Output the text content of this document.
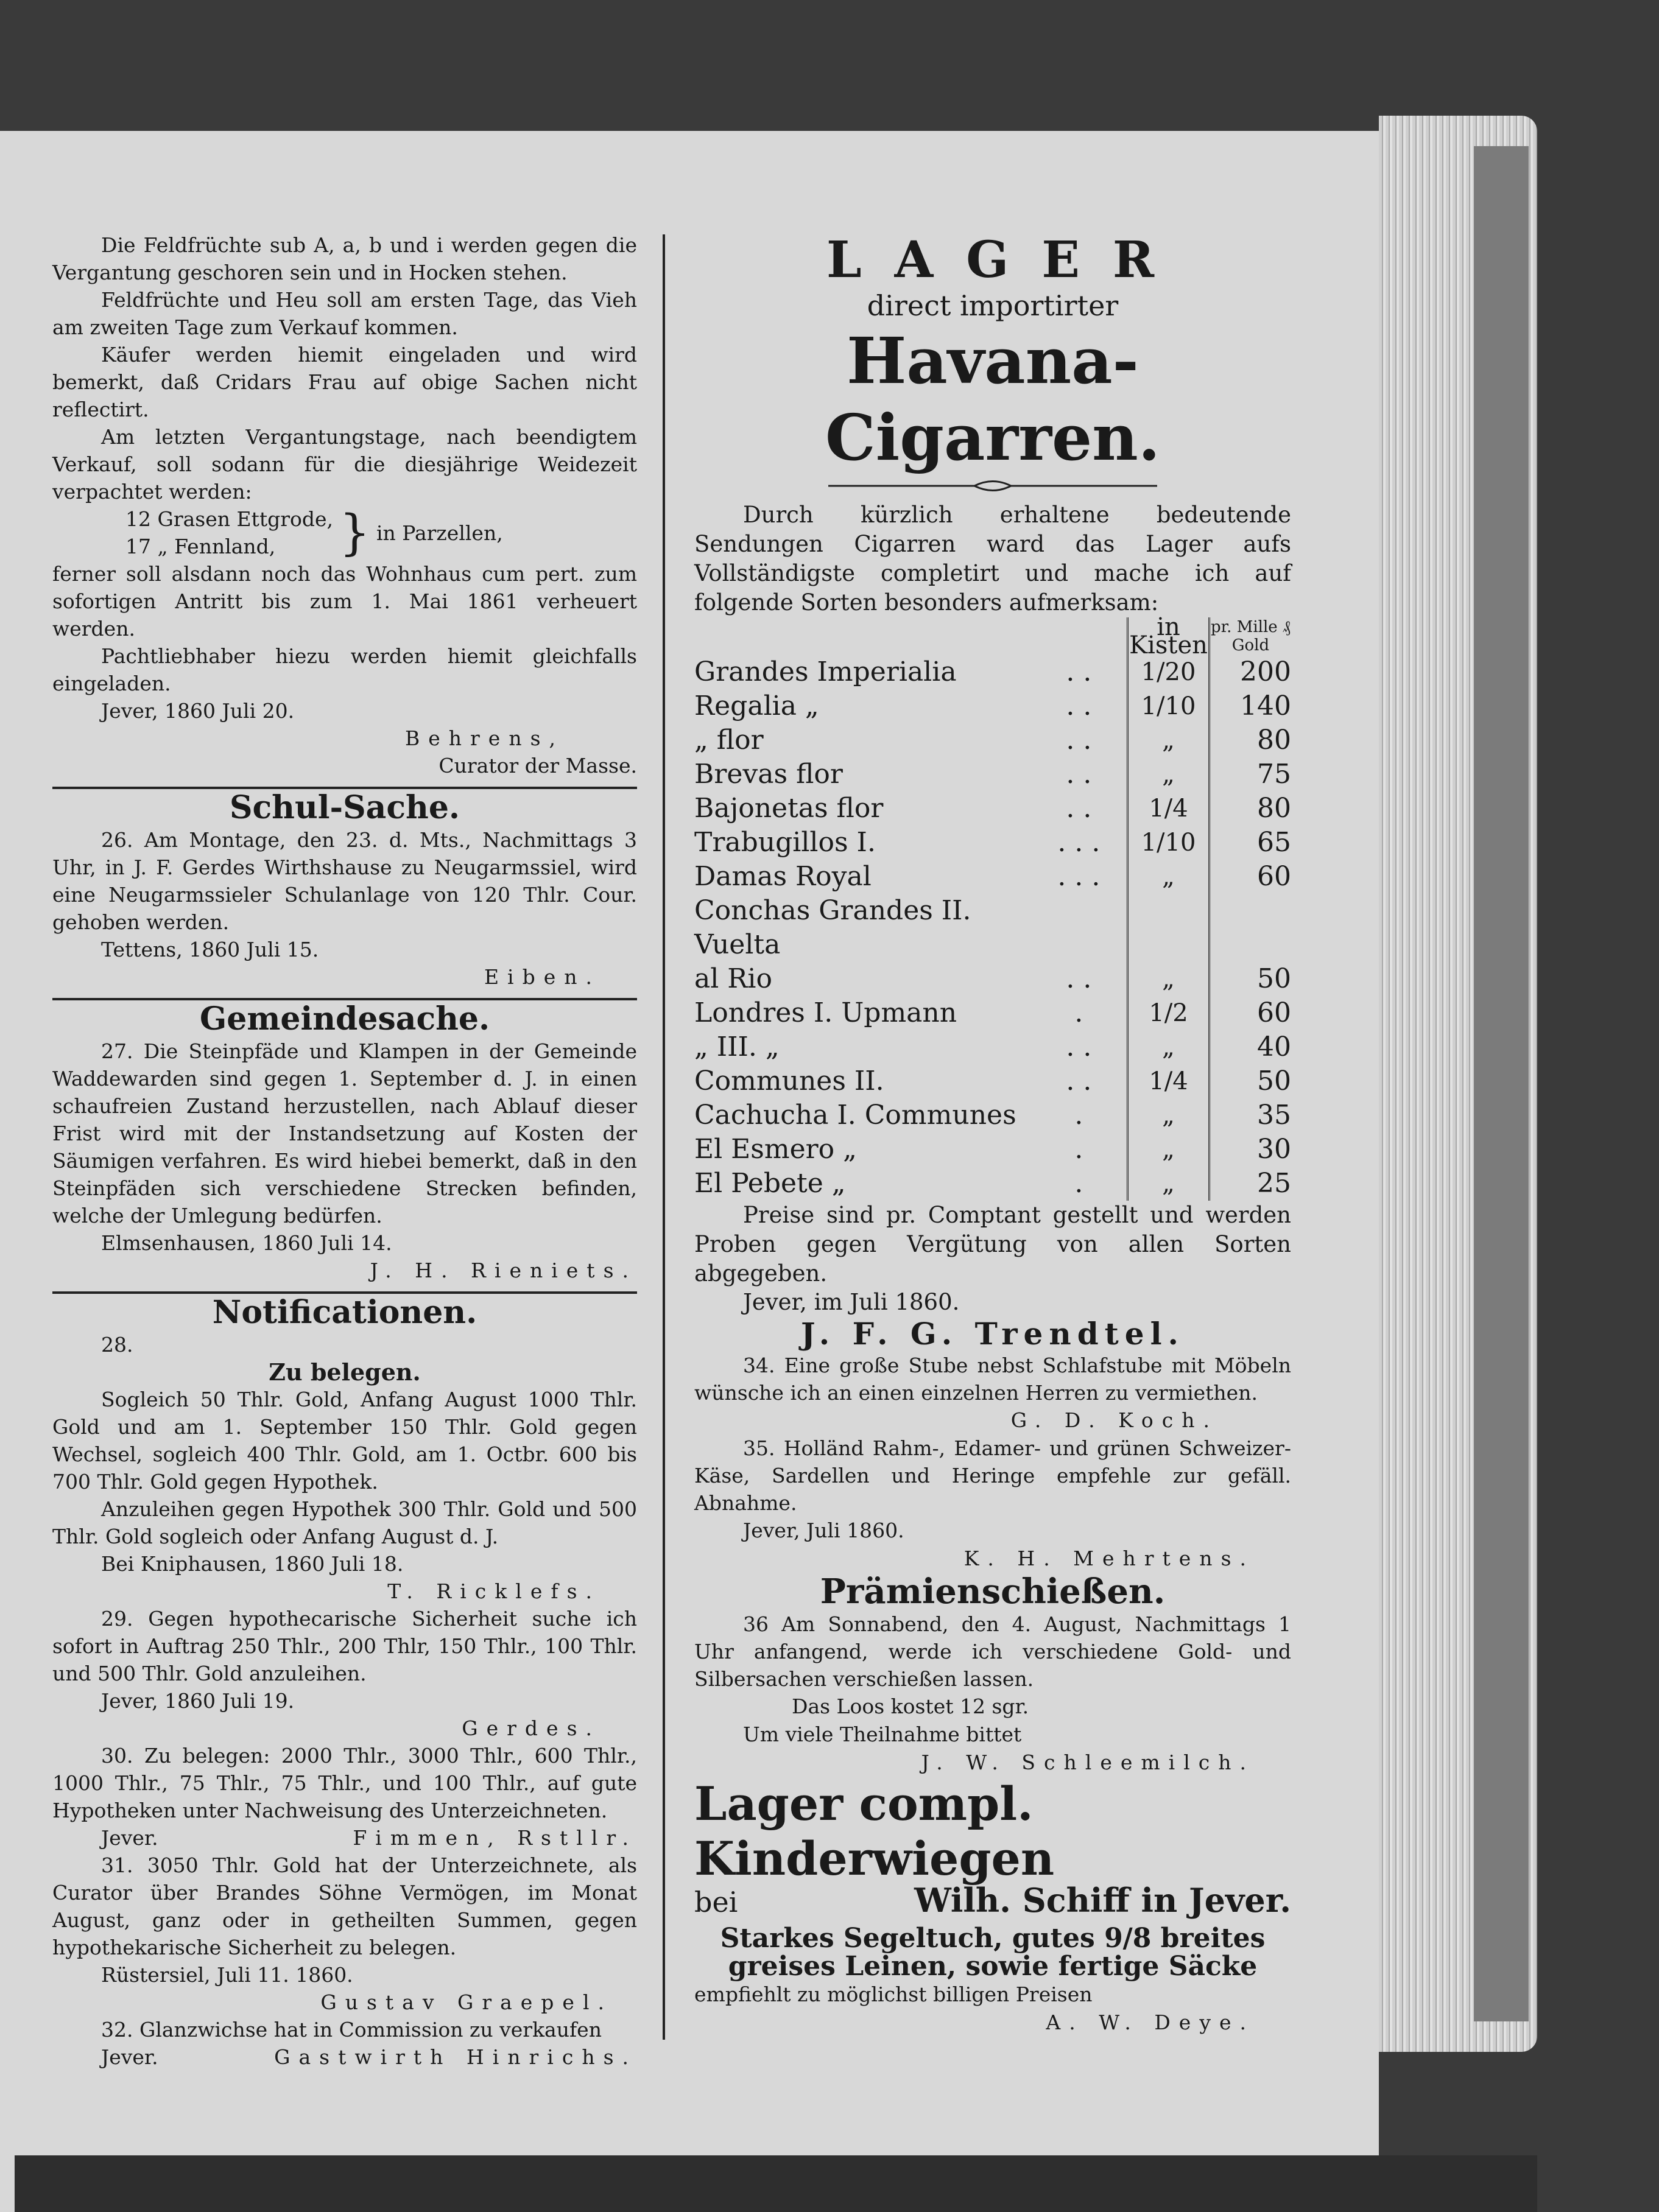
Die Feldfrüchte sub A, a, b und i werden gegen die Vergantung geschoren sein und in Hocken stehen.

Feldfrüchte und Heu soll am ersten Tage, das Vieh am zweiten Tage zum Verkauf kommen.

Käufer werden hiemit eingeladen und wird bemerkt, daß Cridars Frau auf obige Sachen nicht reflectirt.

Am letzten Vergantungstage, nach beendigtem Verkauf, soll sodann für die diesjährige Weidezeit verpachtet werden:

12 Grasen Ettgrode,
17 „ Fennland,	} in Parzellen,

ferner soll alsdann noch das Wohnhaus cum pert. zum sofortigen Antritt bis zum 1. Mai 1861 verheuert werden.

Pachtliebhaber hiezu werden hiemit gleichfalls eingeladen.

Jever, 1860 Juli 20.

Behrens,

Curator der Masse.

Schul-Sache.

26. Am Montage, den 23. d. Mts., Nachmittags 3 Uhr, in J. F. Gerdes Wirthshause zu Neugarmssiel, wird eine Neugarmssieler Schulanlage von 120 Thlr. Cour. gehoben werden.

Tettens, 1860 Juli 15.

Eiben.

Gemeindesache.

27. Die Steinpfäde und Klampen in der Gemeinde Waddewarden sind gegen 1. September d. J. in einen schaufreien Zustand herzustellen, nach Ablauf dieser Frist wird mit der Instandsetzung auf Kosten der Säumigen verfahren. Es wird hiebei bemerkt, daß in den Steinpfäden sich verschiedene Strecken befinden, welche der Umlegung bedürfen.

Elmsenhausen, 1860 Juli 14.

J. H. Rieniets.

Notificationen.

28.

Zu belegen.

Sogleich 50 Thlr. Gold, Anfang August 1000 Thlr. Gold und am 1. September 150 Thlr. Gold gegen Wechsel, sogleich 400 Thlr. Gold, am 1. Octbr. 600 bis 700 Thlr. Gold gegen Hypothek.

Anzuleihen gegen Hypothek 300 Thlr. Gold und 500 Thlr. Gold sogleich oder Anfang August d. J.

Bei Kniphausen, 1860 Juli 18.

T. Ricklefs.

29. Gegen hypothecarische Sicherheit suche ich sofort in Auftrag 250 Thlr., 200 Thlr, 150 Thlr., 100 Thlr. und 500 Thlr. Gold anzuleihen.

Jever, 1860 Juli 19.

Gerdes.

30. Zu belegen: 2000 Thlr., 3000 Thlr., 600 Thlr., 1000 Thlr., 75 Thlr., 75 Thlr., und 100 Thlr., auf gute Hypotheken unter Nachweisung des Unterzeichneten.

Jever.	Fimmen, Rstllr.

31. 3050 Thlr. Gold hat der Unterzeichnete, als Curator über Brandes Söhne Vermögen, im Monat August, ganz oder in getheilten Summen, gegen hypothekarische Sicherheit zu belegen.

Rüstersiel, Juli 11. 1860.

Gustav Graepel.

32. Glanzwichse hat in Commission zu verkaufen

Jever.	Gastwirth Hinrichs.
LAGER
direct importirter
Havana-Cigarren.

Durch kürzlich erhaltene bedeutende Sendungen Cigarren ward das Lager aufs Vollständigste completirt und mache ich auf folgende Sorten besonders aufmerksam:

		in Kisten	pr. Mille ₰ Gold
Grandes Imperialia	. .	1/20	200
Regalia „	. .	1/10	140
„ flor	. .	„	80
Brevas flor	. .	„	75
Bajonetas flor	. .	1/4	80
Trabugillos I.	. . .	1/10	65
Damas Royal	. . .	„	60
Conchas Grandes II. Vuelta			
al Rio	. .	„	50
Londres I. Upmann	.	1/2	60
„ III. „	. .	„	40
Communes II.	. .	1/4	50
Cachucha I. Communes	.	„	35
El Esmero „	.	„	30
El Pebete „	.	„	25

Preise sind pr. Comptant gestellt und werden Proben gegen Vergütung von allen Sorten abgegeben.

Jever, im Juli 1860.

J. F. G. Trendtel.

34. Eine große Stube nebst Schlafstube mit Möbeln wünsche ich an einen einzelnen Herren zu vermiethen.

G. D. Koch.

35. Holländ Rahm-, Edamer- und grünen Schweizer-Käse, Sardellen und Heringe empfehle zur gefäll. Abnahme.

Jever, Juli 1860.

K. H. Mehrtens.

Prämienschießen.

36 Am Sonnabend, den 4. August, Nachmittags 1 Uhr anfangend, werde ich verschiedene Gold- und Silbersachen verschießen lassen.

Das Loos kostet 12 sgr.

Um viele Theilnahme bittet

J. W. Schleemilch.

Lager compl. Kinderwiegen
bei	Wilh. Schiff in Jever.
Starkes Segeltuch, gutes 9/8 breites
greises Leinen, sowie fertige Säcke

empfiehlt zu möglichst billigen Preisen

A. W. Deye.
